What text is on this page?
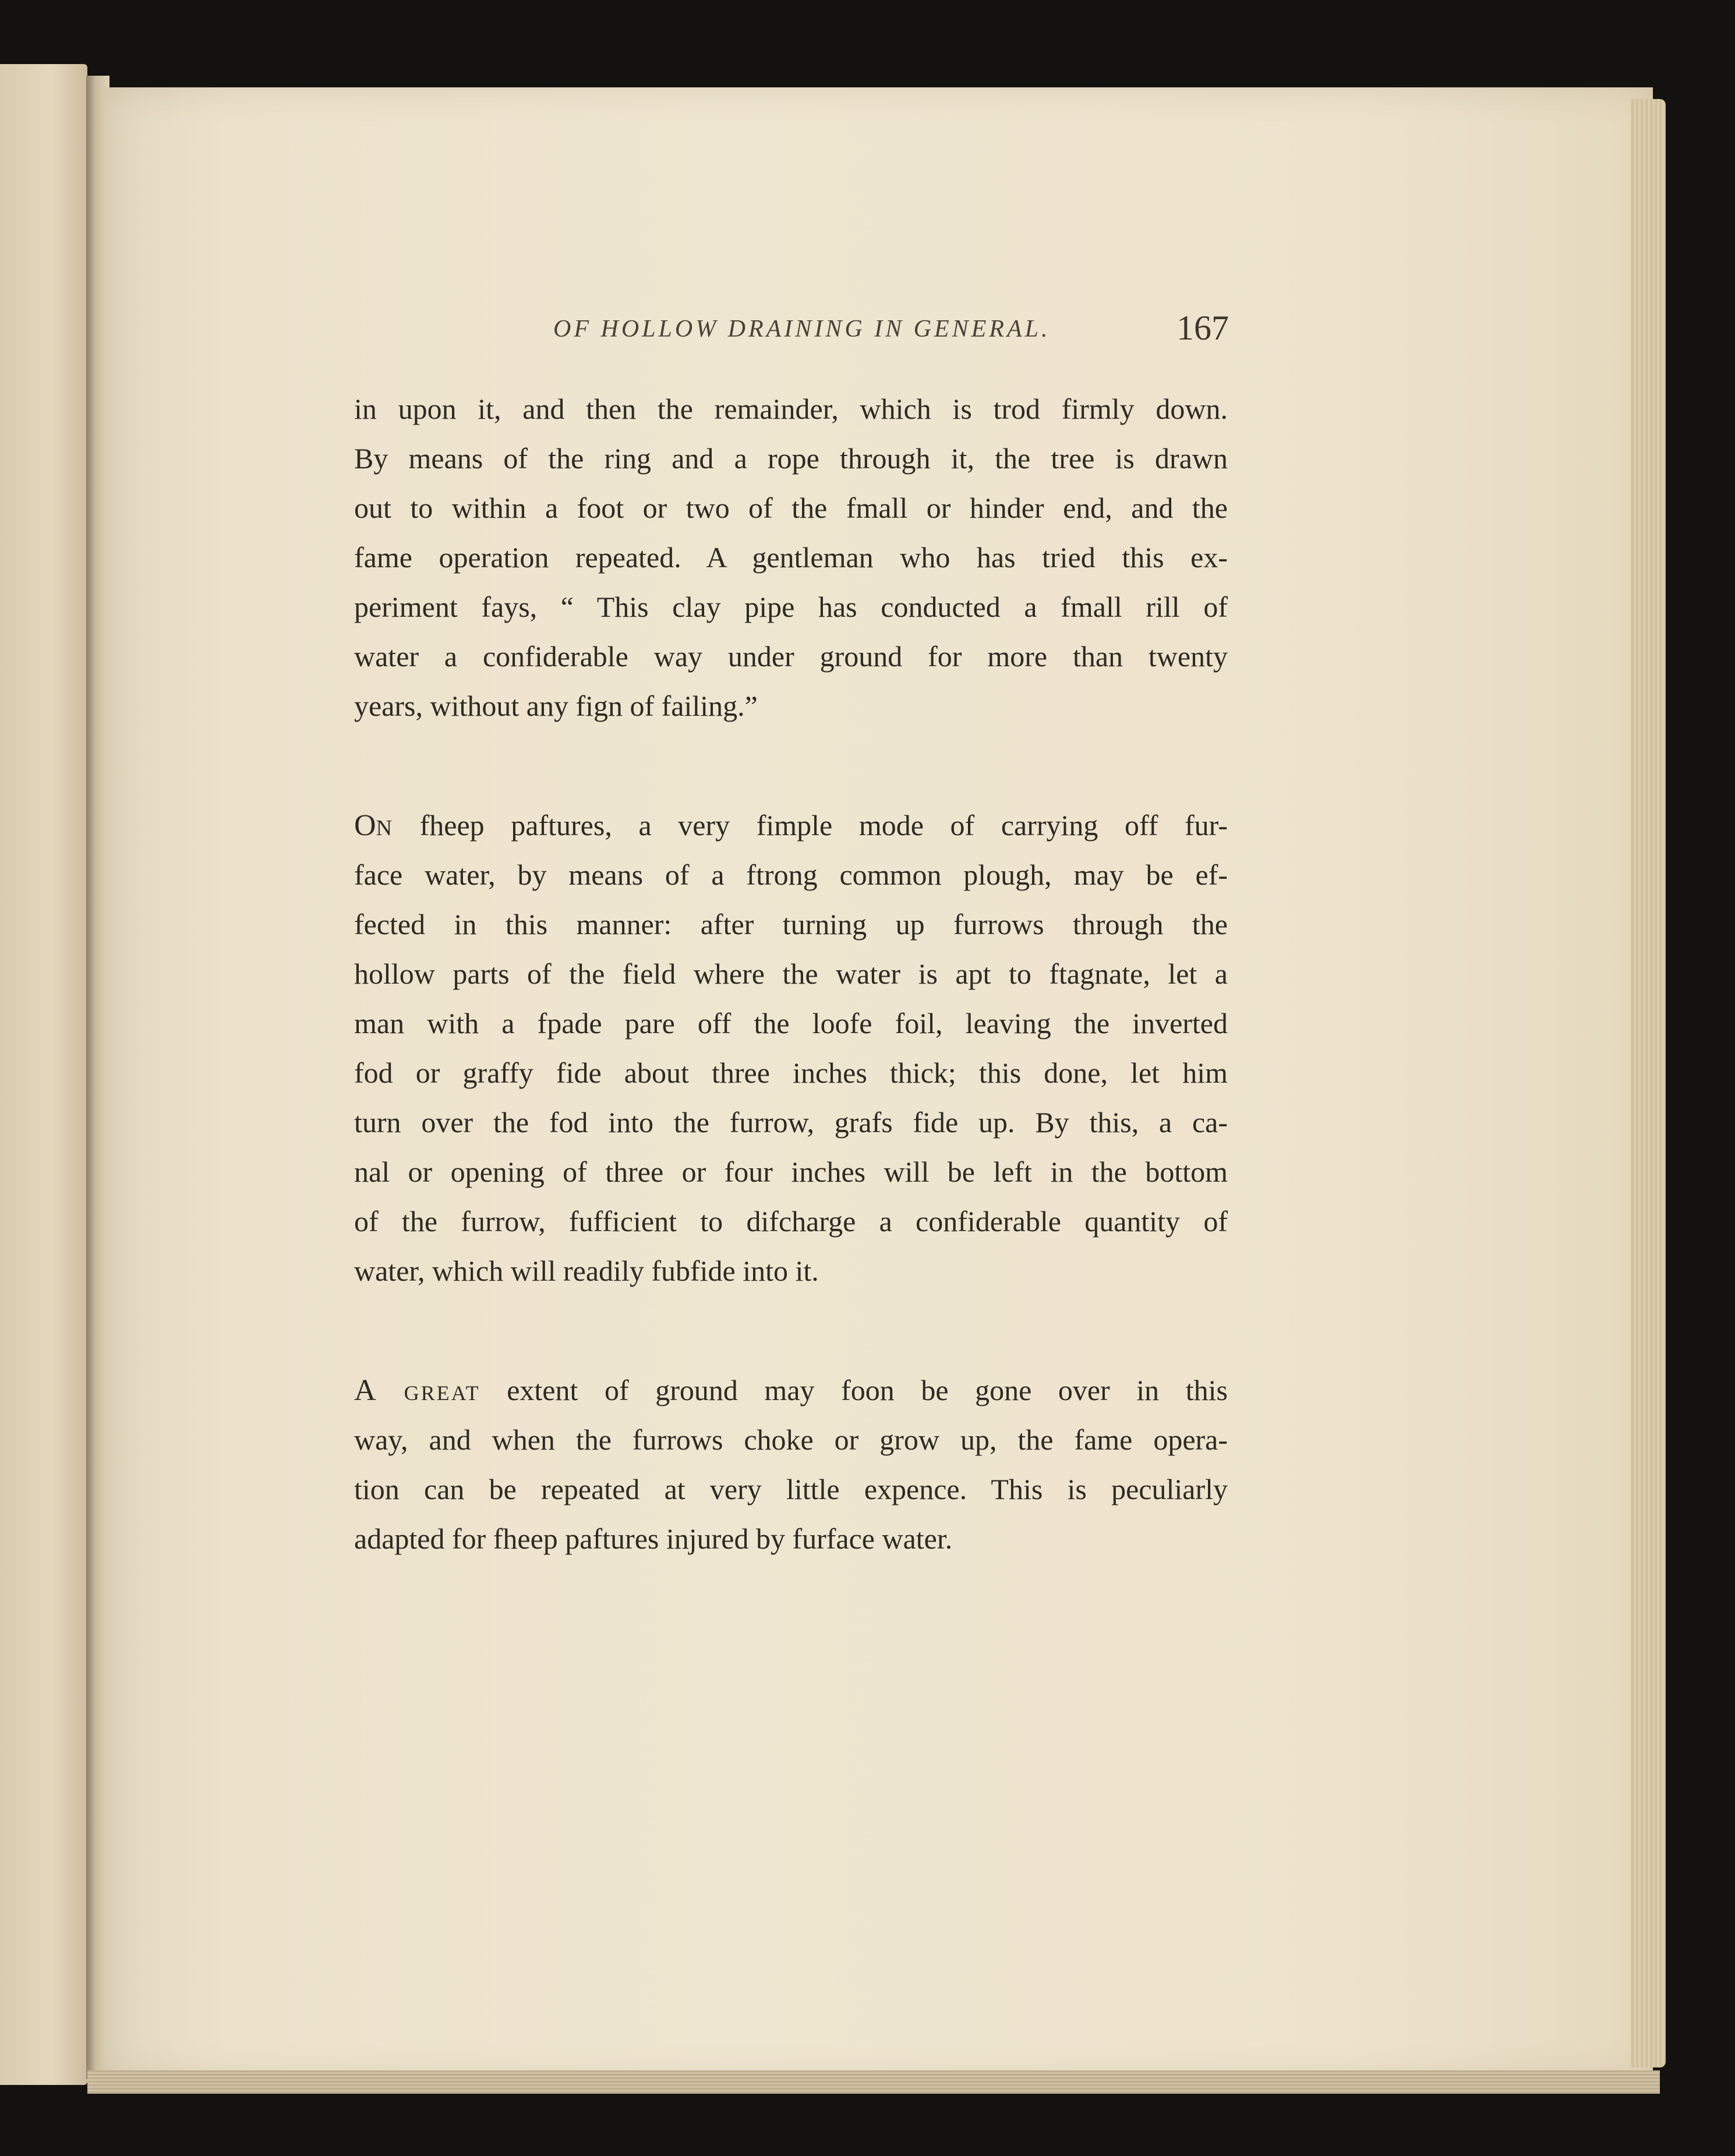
OF HOLLOW DRAINING IN GENERAL.	167
in upon it, and then the remainder, which is trod firmly down.
By means of the ring and a rope through it, the tree is drawn
out to within a foot or two of the fmall or hinder end, and the
fame operation repeated. A gentleman who has tried this ex-
periment fays, “ This clay pipe has conducted a fmall rill of
water a confiderable way under ground for more than twenty
years, without any fign of failing.”
ON fheep paftures, a very fimple mode of carrying off fur-
face water, by means of a ftrong common plough, may be ef-
fected in this manner: after turning up furrows through the
hollow parts of the field where the water is apt to ftagnate, let a
man with a fpade pare off the loofe foil, leaving the inverted
fod or graffy fide about three inches thick; this done, let him
turn over the fod into the furrow, grafs fide up. By this, a ca-
nal or opening of three or four inches will be left in the bottom
of the furrow, fufficient to difcharge a confiderable quantity of
water, which will readily fubfide into it.
A GREAT extent of ground may foon be gone over in this
way, and when the furrows choke or grow up, the fame opera-
tion can be repeated at very little expence. This is peculiarly
adapted for fheep paftures injured by furface water.
